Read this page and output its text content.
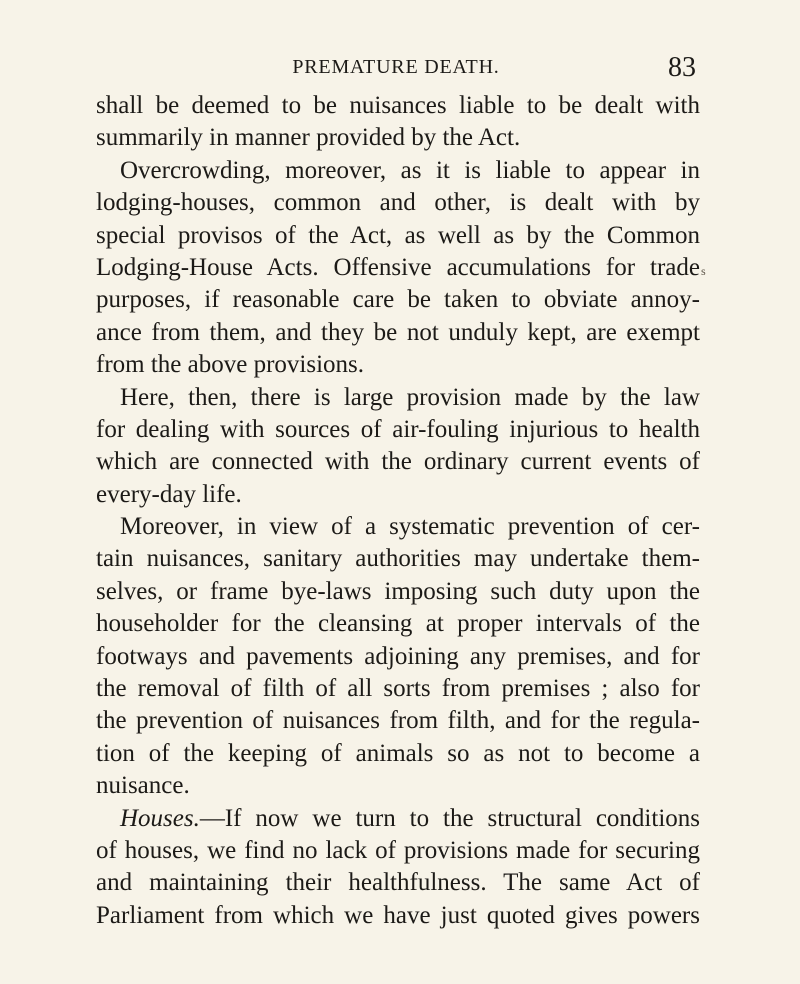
PREMATURE DEATH.	83
s
shall be deemed to be nuisances liable to be dealt with
summarily in manner provided by the Act.
Overcrowding, moreover, as it is liable to appear in
lodging-houses, common and other, is dealt with by
special provisos of the Act, as well as by the Common
Lodging-House Acts. Offensive accumulations for trade
purposes, if reasonable care be taken to obviate annoy-
ance from them, and they be not unduly kept, are exempt
from the above provisions.
Here, then, there is large provision made by the law
for dealing with sources of air-fouling injurious to health
which are connected with the ordinary current events of
every-day life.
Moreover, in view of a systematic prevention of cer-
tain nuisances, sanitary authorities may undertake them-
selves, or frame bye-laws imposing such duty upon the
householder for the cleansing at proper intervals of the
footways and pavements adjoining any premises, and for
the removal of filth of all sorts from premises ; also for
the prevention of nuisances from filth, and for the regula-
tion of the keeping of animals so as not to become a
nuisance.
Houses.—If now we turn to the structural conditions
of houses, we find no lack of provisions made for securing
and maintaining their healthfulness. The same Act of
Parliament from which we have just quoted gives powers
